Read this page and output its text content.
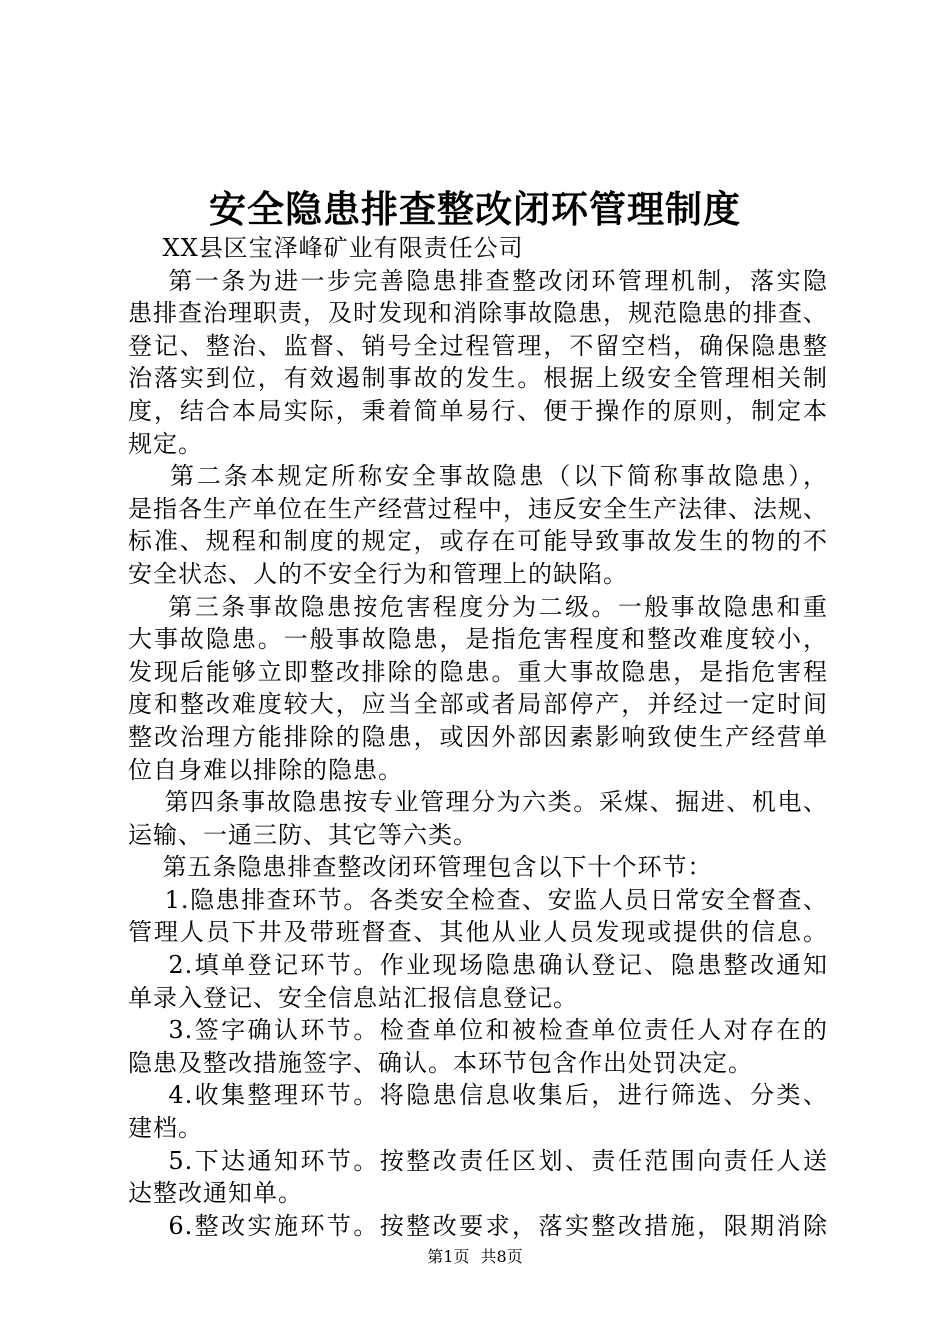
安全隐患排查整改闭环管理制度
XX县区宝泽峰矿业有限责任公司
第一条为进一步完善隐患排查整改闭环管理机制，落实隐
患排查治理职责，及时发现和消除事故隐患，规范隐患的排查、
登记、整治、监督、销号全过程管理，不留空档，确保隐患整
治落实到位，有效遏制事故的发生。根据上级安全管理相关制
度，结合本局实际，秉着简单易行、便于操作的原则，制定本
规定。
第二条本规定所称安全事故隐患（以下简称事故隐患），
是指各生产单位在生产经营过程中，违反安全生产法律、法规、
标准、规程和制度的规定，或存在可能导致事故发生的物的不
安全状态、人的不安全行为和管理上的缺陷。
第三条事故隐患按危害程度分为二级。一般事故隐患和重
大事故隐患。一般事故隐患，是指危害程度和整改难度较小，
发现后能够立即整改排除的隐患。重大事故隐患，是指危害程
度和整改难度较大，应当全部或者局部停产，并经过一定时间
整改治理方能排除的隐患，或因外部因素影响致使生产经营单
位自身难以排除的隐患。
第四条事故隐患按专业管理分为六类。采煤、掘进、机电、
运输、一通三防、其它等六类。
第五条隐患排查整改闭环管理包含以下十个环节：
1.隐患排查环节。各类安全检查、安监人员日常安全督查、
管理人员下井及带班督查、其他从业人员发现或提供的信息。
2.填单登记环节。作业现场隐患确认登记、隐患整改通知
单录入登记、安全信息站汇报信息登记。
3.签字确认环节。检查单位和被检查单位责任人对存在的
隐患及整改措施签字、确认。本环节包含作出处罚决定。
4.收集整理环节。将隐患信息收集后，进行筛选、分类、
建档。
5.下达通知环节。按整改责任区划、责任范围向责任人送
达整改通知单。
6.整改实施环节。按整改要求，落实整改措施，限期消除
第1页 共8页
